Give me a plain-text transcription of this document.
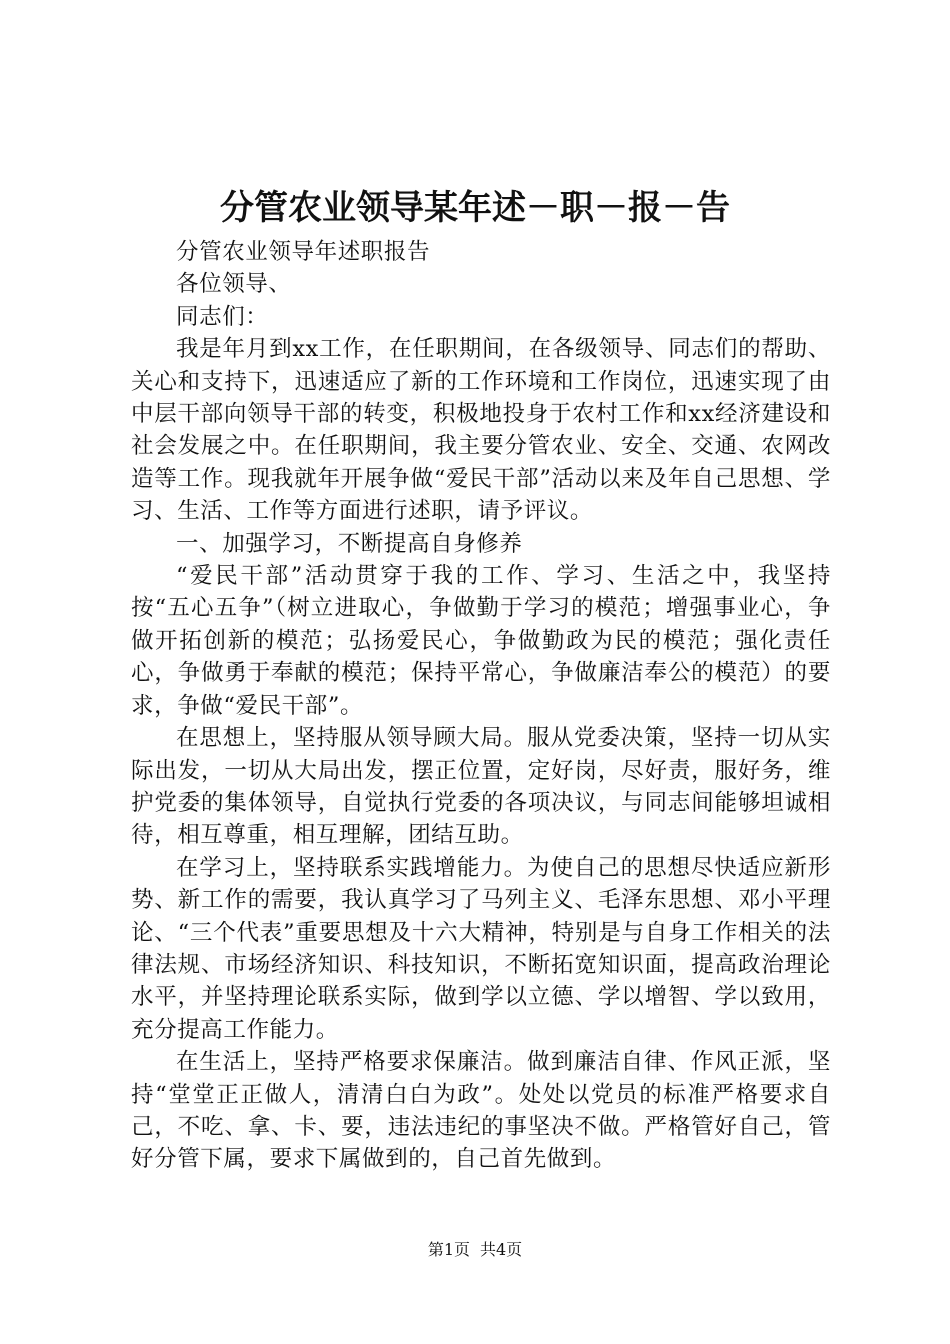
分管农业领导某年述－职－报－告

分管农业领导年述职报告

各位领导、

同志们：

我是年月到xx工作，在任职期间，在各级领导、同志们的帮助、关心和支持下，迅速适应了新的工作环境和工作岗位，迅速实现了由中层干部向领导干部的转变，积极地投身于农村工作和xx经济建设和社会发展之中。在任职期间，我主要分管农业、安全、交通、农网改造等工作。现我就年开展争做“爱民干部”活动以来及年自己思想、学习、生活、工作等方面进行述职，请予评议。

一、加强学习，不断提高自身修养

“爱民干部”活动贯穿于我的工作、学习、生活之中，我坚持按“五心五争”（树立进取心，争做勤于学习的模范；增强事业心，争做开拓创新的模范；弘扬爱民心，争做勤政为民的模范；强化责任心，争做勇于奉献的模范；保持平常心，争做廉洁奉公的模范）的要求，争做“爱民干部”。

在思想上，坚持服从领导顾大局。服从党委决策，坚持一切从实际出发，一切从大局出发，摆正位置，定好岗，尽好责，服好务，维护党委的集体领导，自觉执行党委的各项决议，与同志间能够坦诚相待，相互尊重，相互理解，团结互助。

在学习上，坚持联系实践增能力。为使自己的思想尽快适应新形势、新工作的需要，我认真学习了马列主义、毛泽东思想、邓小平理论、“三个代表”重要思想及十六大精神，特别是与自身工作相关的法律法规、市场经济知识、科技知识，不断拓宽知识面，提高政治理论水平，并坚持理论联系实际，做到学以立德、学以增智、学以致用，充分提高工作能力。

在生活上，坚持严格要求保廉洁。做到廉洁自律、作风正派，坚持“堂堂正正做人，清清白白为政”。处处以党员的标准严格要求自己，不吃、拿、卡、要，违法违纪的事坚决不做。严格管好自己，管好分管下属，要求下属做到的，自己首先做到。

第1页 共4页
